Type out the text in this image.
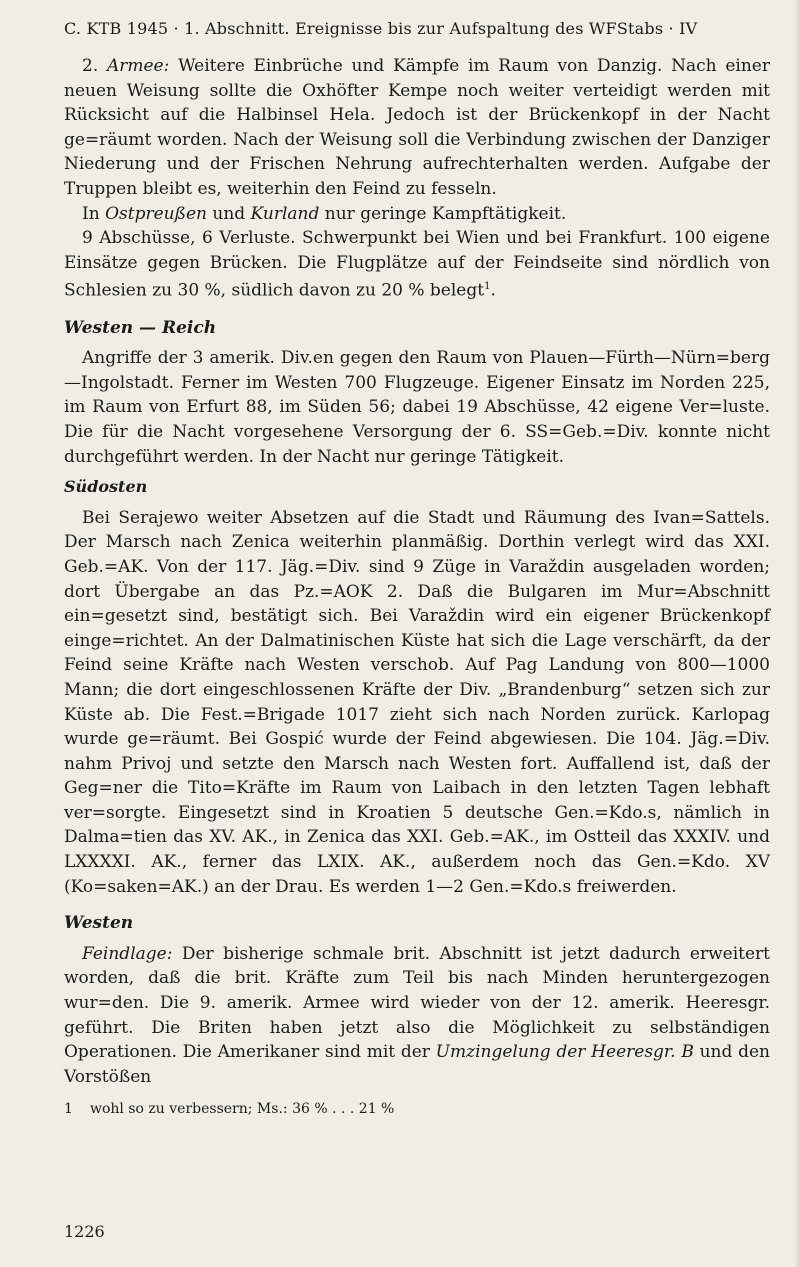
C. KTB 1945 · 1. Abschnitt. Ereignisse bis zur Aufspaltung des WFStabs · IV

2. Armee: Weitere Einbrüche und Kämpfe im Raum von Danzig. Nach einer neuen Weisung sollte die Oxhöfter Kempe noch weiter verteidigt werden mit Rücksicht auf die Halbinsel Hela. Jedoch ist der Brückenkopf in der Nacht ge=räumt worden. Nach der Weisung soll die Verbindung zwischen der Danziger Niederung und der Frischen Nehrung aufrechterhalten werden. Aufgabe der Truppen bleibt es, weiterhin den Feind zu fesseln.

In Ostpreußen und Kurland nur geringe Kampftätigkeit.

9 Abschüsse, 6 Verluste. Schwerpunkt bei Wien und bei Frankfurt. 100 eigene Einsätze gegen Brücken. Die Flugplätze auf der Feindseite sind nördlich von Schlesien zu 30 %, südlich davon zu 20 % belegt$^1$.

Westen — Reich

Angriffe der 3 amerik. Div.en gegen den Raum von Plauen—Fürth—Nürn=berg—Ingolstadt. Ferner im Westen 700 Flugzeuge. Eigener Einsatz im Norden 225, im Raum von Erfurt 88, im Süden 56; dabei 19 Abschüsse, 42 eigene Ver=luste. Die für die Nacht vorgesehene Versorgung der 6. SS=Geb.=Div. konnte nicht durchgeführt werden. In der Nacht nur geringe Tätigkeit.

Südosten

Bei Serajewo weiter Absetzen auf die Stadt und Räumung des Ivan=Sattels. Der Marsch nach Zenica weiterhin planmäßig. Dorthin verlegt wird das XXI. Geb.=AK. Von der 117. Jäg.=Div. sind 9 Züge in Varaždin ausgeladen worden; dort Übergabe an das Pz.=AOK 2. Daß die Bulgaren im Mur=Abschnitt ein=gesetzt sind, bestätigt sich. Bei Varaždin wird ein eigener Brückenkopf einge=richtet. An der Dalmatinischen Küste hat sich die Lage verschärft, da der Feind seine Kräfte nach Westen verschob. Auf Pag Landung von 800—1000 Mann; die dort eingeschlossenen Kräfte der Div. „Brandenburg“ setzen sich zur Küste ab. Die Fest.=Brigade 1017 zieht sich nach Norden zurück. Karlopag wurde ge=räumt. Bei Gospić wurde der Feind abgewiesen. Die 104. Jäg.=Div. nahm Privoj und setzte den Marsch nach Westen fort. Auffallend ist, daß der Geg=ner die Tito=Kräfte im Raum von Laibach in den letzten Tagen lebhaft ver=sorgte. Eingesetzt sind in Kroatien 5 deutsche Gen.=Kdo.s, nämlich in Dalma=tien das XV. AK., in Zenica das XXI. Geb.=AK., im Ostteil das XXXIV. und LXXXXI. AK., ferner das LXIX. AK., außerdem noch das Gen.=Kdo. XV (Ko=saken=AK.) an der Drau. Es werden 1—2 Gen.=Kdo.s freiwerden.

Westen

Feindlage: Der bisherige schmale brit. Abschnitt ist jetzt dadurch erweitert worden, daß die brit. Kräfte zum Teil bis nach Minden heruntergezogen wur=den. Die 9. amerik. Armee wird wieder von der 12. amerik. Heeresgr. geführt. Die Briten haben jetzt also die Möglichkeit zu selbständigen Operationen. Die Amerikaner sind mit der Umzingelung der Heeresgr. B und den Vorstößen

1 wohl so zu verbessern; Ms.: 36 % . . . 21 %

1226
